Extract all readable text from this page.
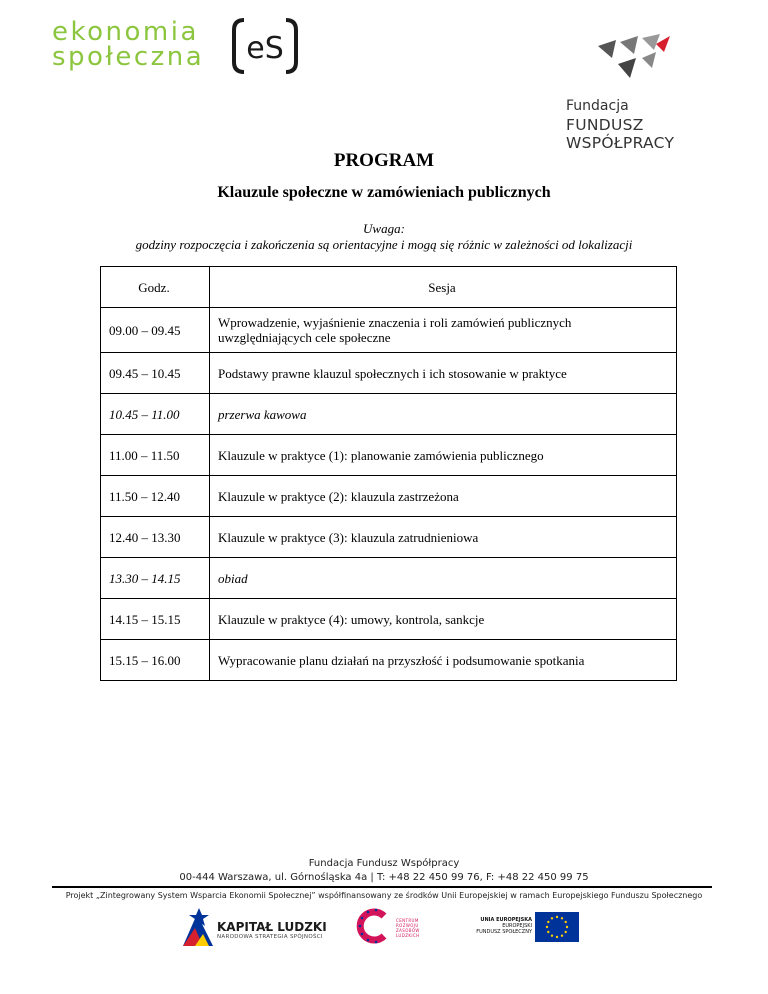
ekonomia
społeczna	eS
Fundacja
FUNDUSZ WSPÓŁPRACY
PROGRAM
Klauzule społeczne w zamówieniach publicznych
Uwaga:
godziny rozpoczęcia i zakończenia są orientacyjne i mogą się różnic w zależności od lokalizacji
Godz.	Sesja
09.00 – 09.45	Wprowadzenie, wyjaśnienie znaczenia i roli zamówień publicznych
uwzględniających cele społeczne
09.45 – 10.45	Podstawy prawne klauzul społecznych i ich stosowanie w praktyce
10.45 – 11.00	przerwa kawowa
11.00 – 11.50	Klauzule w praktyce (1): planowanie zamówienia publicznego
11.50 – 12.40	Klauzule w praktyce (2): klauzula zastrzeżona
12.40 – 13.30	Klauzule w praktyce (3): klauzula zatrudnieniowa
13.30 – 14.15	obiad
14.15 – 15.15	Klauzule w praktyce (4): umowy, kontrola, sankcje
15.15 – 16.00	Wypracowanie planu działań na przyszłość i podsumowanie spotkania
Fundacja Fundusz Współpracy
00-444 Warszawa, ul. Górnośląska 4a | T: +48 22 450 99 76, F: +48 22 450 99 75
Projekt „Zintegrowany System Wsparcia Ekonomii Społecznej” współfinansowany ze środków Unii Europejskiej w ramach Europejskiego Funduszu Społecznego
KAPITAŁ LUDZKI
NARODOWA STRATEGIA SPÓJNOŚCI
CENTRUM
ROZWOJU
ZASOBÓW
LUDZKICH
UNIA EUROPEJSKA
EUROPEJSKI
FUNDUSZ SPOŁECZNY
